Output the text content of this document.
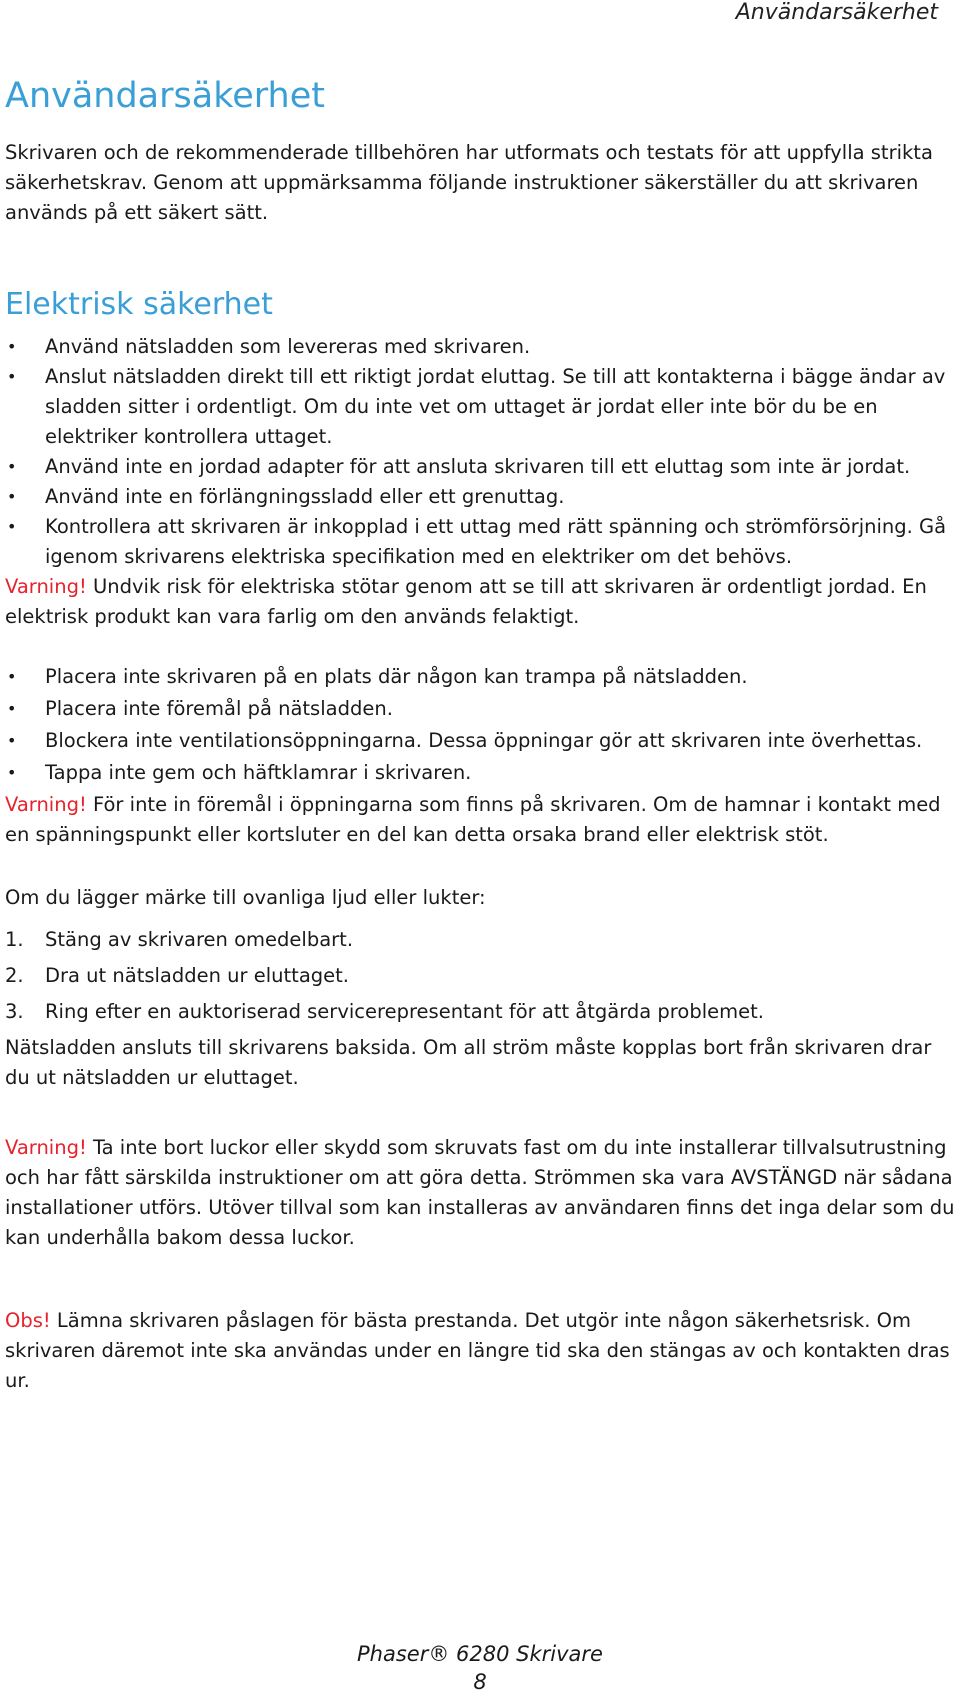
Användarsäkerhet
Användarsäkerhet

Skrivaren och de rekommenderade tillbehören har utformats och testats för att uppfylla strikta säkerhetskrav. Genom att uppmärksamma följande instruktioner säkerställer du att skrivaren används på ett säkert sätt.

Elektrisk säkerhet
• Använd nätsladden som levereras med skrivaren.
• Anslut nätsladden direkt till ett riktigt jordat eluttag. Se till att kontakterna i bägge ändar av sladden sitter i ordentligt. Om du inte vet om uttaget är jordat eller inte bör du be en elektriker kontrollera uttaget.
• Använd inte en jordad adapter för att ansluta skrivaren till ett eluttag som inte är jordat.
• Använd inte en förlängningssladd eller ett grenuttag.
• Kontrollera att skrivaren är inkopplad i ett uttag med rätt spänning och strömförsörjning. Gå igenom skrivarens elektriska specifikation med en elektriker om det behövs.

Varning! Undvik risk för elektriska stötar genom att se till att skrivaren är ordentligt jordad. En elektrisk produkt kan vara farlig om den används felaktigt.

• Placera inte skrivaren på en plats där någon kan trampa på nätsladden.
• Placera inte föremål på nätsladden.
• Blockera inte ventilationsöppningarna. Dessa öppningar gör att skrivaren inte överhettas.
• Tappa inte gem och häftklamrar i skrivaren.

Varning! För inte in föremål i öppningarna som finns på skrivaren. Om de hamnar i kontakt med en spänningspunkt eller kortsluter en del kan detta orsaka brand eller elektrisk stöt.

Om du lägger märke till ovanliga ljud eller lukter:

1. Stäng av skrivaren omedelbart.
2. Dra ut nätsladden ur eluttaget.
3. Ring efter en auktoriserad servicerepresentant för att åtgärda problemet.

Nätsladden ansluts till skrivarens baksida. Om all ström måste kopplas bort från skrivaren drar du ut nätsladden ur eluttaget.

Varning! Ta inte bort luckor eller skydd som skruvats fast om du inte installerar tillvalsutrustning och har fått särskilda instruktioner om att göra detta. Strömmen ska vara AVSTÄNGD när sådana installationer utförs. Utöver tillval som kan installeras av användaren finns det inga delar som du kan underhålla bakom dessa luckor.

Obs! Lämna skrivaren påslagen för bästa prestanda. Det utgör inte någon säkerhetsrisk. Om skrivaren däremot inte ska användas under en längre tid ska den stängas av och kontakten dras ur.

Phaser® 6280 Skrivare
8
